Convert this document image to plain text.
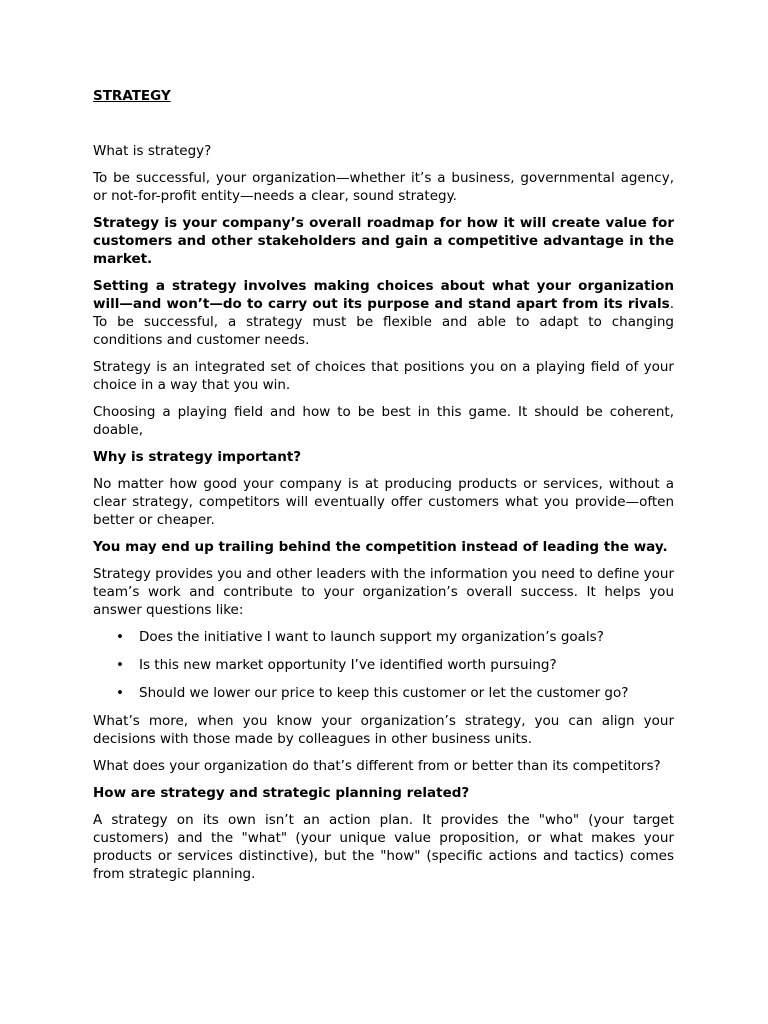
STRATEGY

What is strategy?

To be successful, your organization—whether it’s a business, governmental agency, or not-for-profit entity—needs a clear, sound strategy.

Strategy is your company’s overall roadmap for how it will create value for customers and other stakeholders and gain a competitive advantage in the market.

Setting a strategy involves making choices about what your organization will—and won’t—do to carry out its purpose and stand apart from its rivals. To be successful, a strategy must be flexible and able to adapt to changing conditions and customer needs.

Strategy is an integrated set of choices that positions you on a playing field of your choice in a way that you win.

Choosing a playing field and how to be best in this game. It should be coherent, doable,

Why is strategy important?

No matter how good your company is at producing products or services, without a clear strategy, competitors will eventually offer customers what you provide—often better or cheaper.

You may end up trailing behind the competition instead of leading the way.

Strategy provides you and other leaders with the information you need to define your team’s work and contribute to your organization’s overall success. It helps you answer questions like:

• Does the initiative I want to launch support my organization’s goals?
• Is this new market opportunity I’ve identified worth pursuing?
• Should we lower our price to keep this customer or let the customer go?

What’s more, when you know your organization’s strategy, you can align your decisions with those made by colleagues in other business units.

What does your organization do that’s different from or better than its competitors?

How are strategy and strategic planning related?

A strategy on its own isn’t an action plan. It provides the "who" (your target customers) and the "what" (your unique value proposition, or what makes your products or services distinctive), but the "how" (specific actions and tactics) comes from strategic planning.
